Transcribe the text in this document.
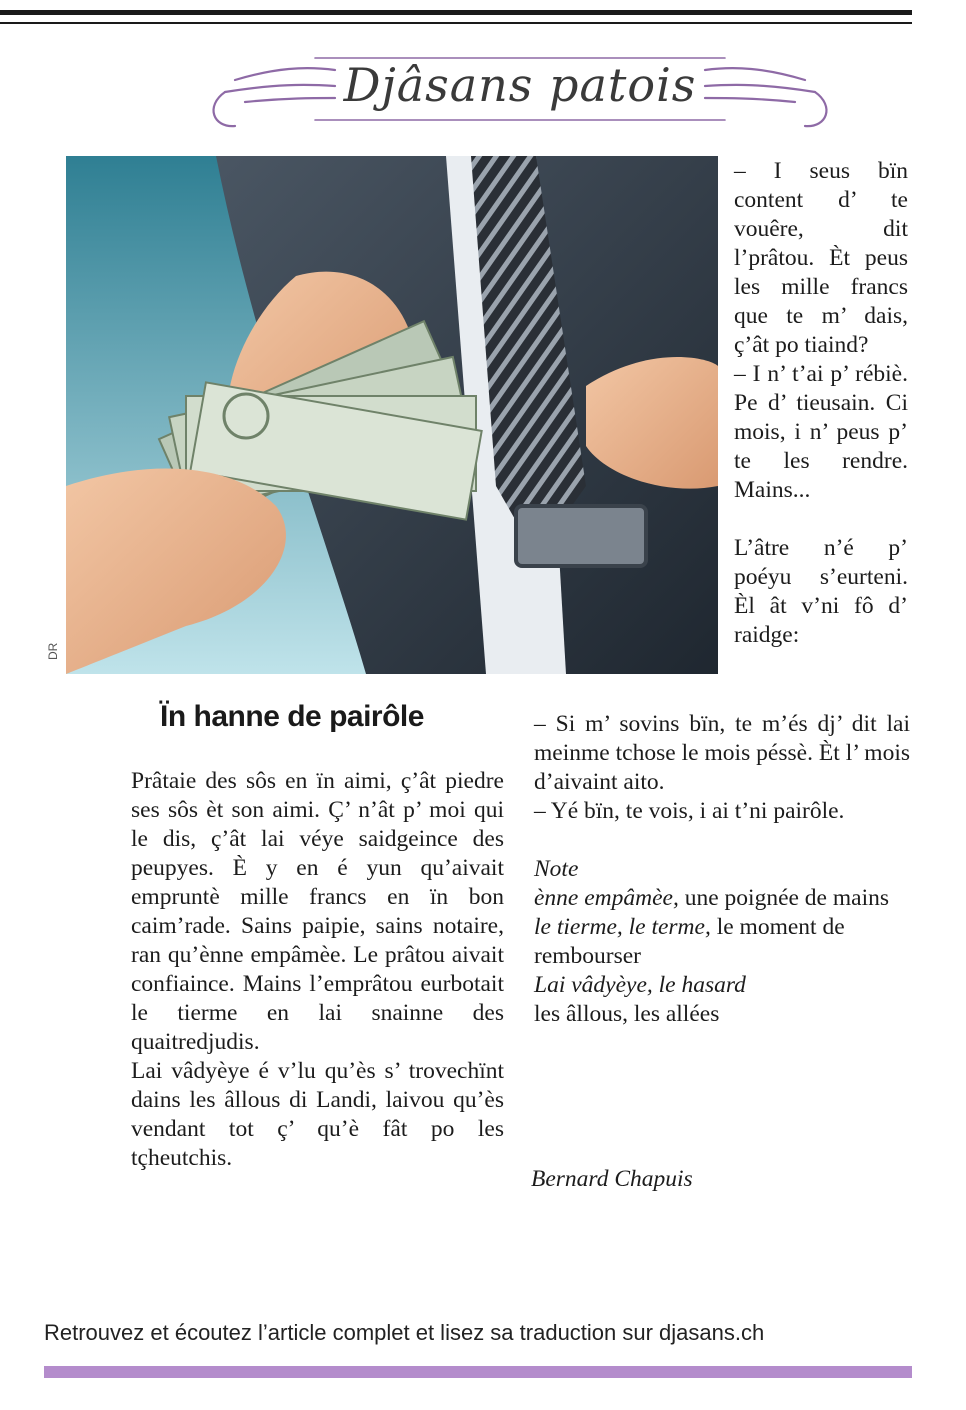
Djâsans patois
DR

– I seus bïn content d’ te vouêre, dit l’prâtou. Èt peus les mille francs que te m’ dais, ç’ât po tiaind?

– I n’ t’ai p’ rébiè. Pe d’ tieusain. Ci mois, i n’ peus p’ te les rendre. Mains...

L’âtre n’é p’ poéyu s’eurteni. Èl ât v’ni fô d’ raidge:

Ïn hanne de pairôle	– Si m’ sovins bïn, te m’és dj’ dit lai meinme tchose le mois péssè. Èt l’ mois d’aivaint aito.

– Yé bïn, te vois, i ai t’ni pairôle.

Prâtaie des sôs en ïn aimi, ç’ât piedre ses sôs èt son aimi. Ç’ n’ât p’ moi qui le dis, ç’ât lai véye saidgeince des peupyes. È y en é yun qu’aivait empruntè mille francs en ïn bon caim’rade. Sains paipie, sains notaire, ran qu’ènne empâmèe. Le prâtou aivait confiaince. Mains l’emprâtou eurbotait le tierme en lai snainne des quaitredjudis.

Lai vâdyèye é v’lu qu’ès s’ trovechïnt dains les âllous di Landi, laivou qu’ès vendant tot ç’ qu’è fât po les tçheutchis.

Note

ènne empâmèe, une poignée de mains

le tierme, le terme, le moment de rembourser

Lai vâdyèye, le hasard

les âllous, les allées

Bernard Chapuis
Retrouvez et écoutez l’article complet et lisez sa traduction sur djasans.ch
